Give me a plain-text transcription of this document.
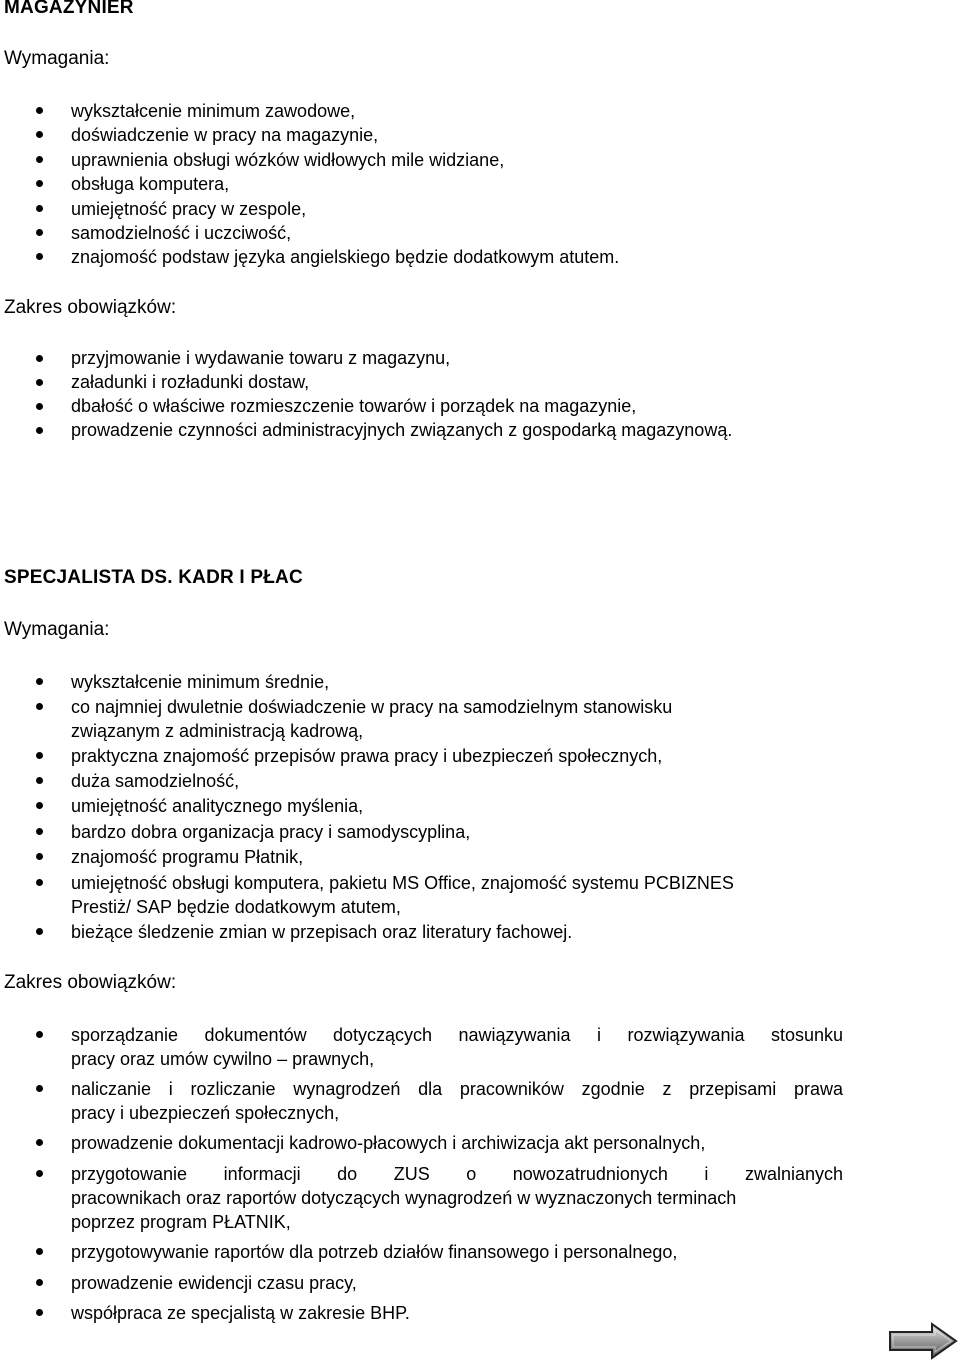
MAGAZYNIER
Wymagania:
wykształcenie minimum zawodowe,
doświadczenie w pracy na magazynie,
uprawnienia obsługi wózków widłowych mile widziane,
obsługa komputera,
umiejętność pracy w zespole,
samodzielność i uczciwość,
znajomość podstaw języka angielskiego będzie dodatkowym atutem.
Zakres obowiązków:
przyjmowanie i wydawanie towaru z magazynu,
załadunki i rozładunki dostaw,
dbałość o właściwe rozmieszczenie towarów i porządek na magazynie,
prowadzenie czynności administracyjnych związanych z gospodarką magazynową.
SPECJALISTA DS. KADR I PŁAC
Wymagania:
wykształcenie minimum średnie,
co najmniej dwuletnie doświadczenie w pracy na samodzielnym stanowisku
związanym z administracją kadrową,
praktyczna znajomość przepisów prawa pracy i ubezpieczeń społecznych,
duża samodzielność,
umiejętność analitycznego myślenia,
bardzo dobra organizacja pracy i samodyscyplina,
znajomość programu Płatnik,
umiejętność obsługi komputera, pakietu MS Office, znajomość systemu PCBIZNES
Prestiż/ SAP będzie dodatkowym atutem,
bieżące śledzenie zmian w przepisach oraz literatury fachowej.
Zakres obowiązków:
sporządzanie dokumentów dotyczących nawiązywania i rozwiązywania stosunku
pracy oraz umów cywilno – prawnych,
naliczanie i rozliczanie wynagrodzeń dla pracowników zgodnie z przepisami prawa
pracy i ubezpieczeń społecznych,
prowadzenie dokumentacji kadrowo-płacowych i archiwizacja akt personalnych,
przygotowanie informacji do ZUS o nowozatrudnionych i zwalnianych
pracownikach oraz raportów dotyczących wynagrodzeń w wyznaczonych terminach
poprzez program PŁATNIK,
przygotowywanie raportów dla potrzeb działów finansowego i personalnego,
prowadzenie ewidencji czasu pracy,
współpraca ze specjalistą w zakresie BHP.
